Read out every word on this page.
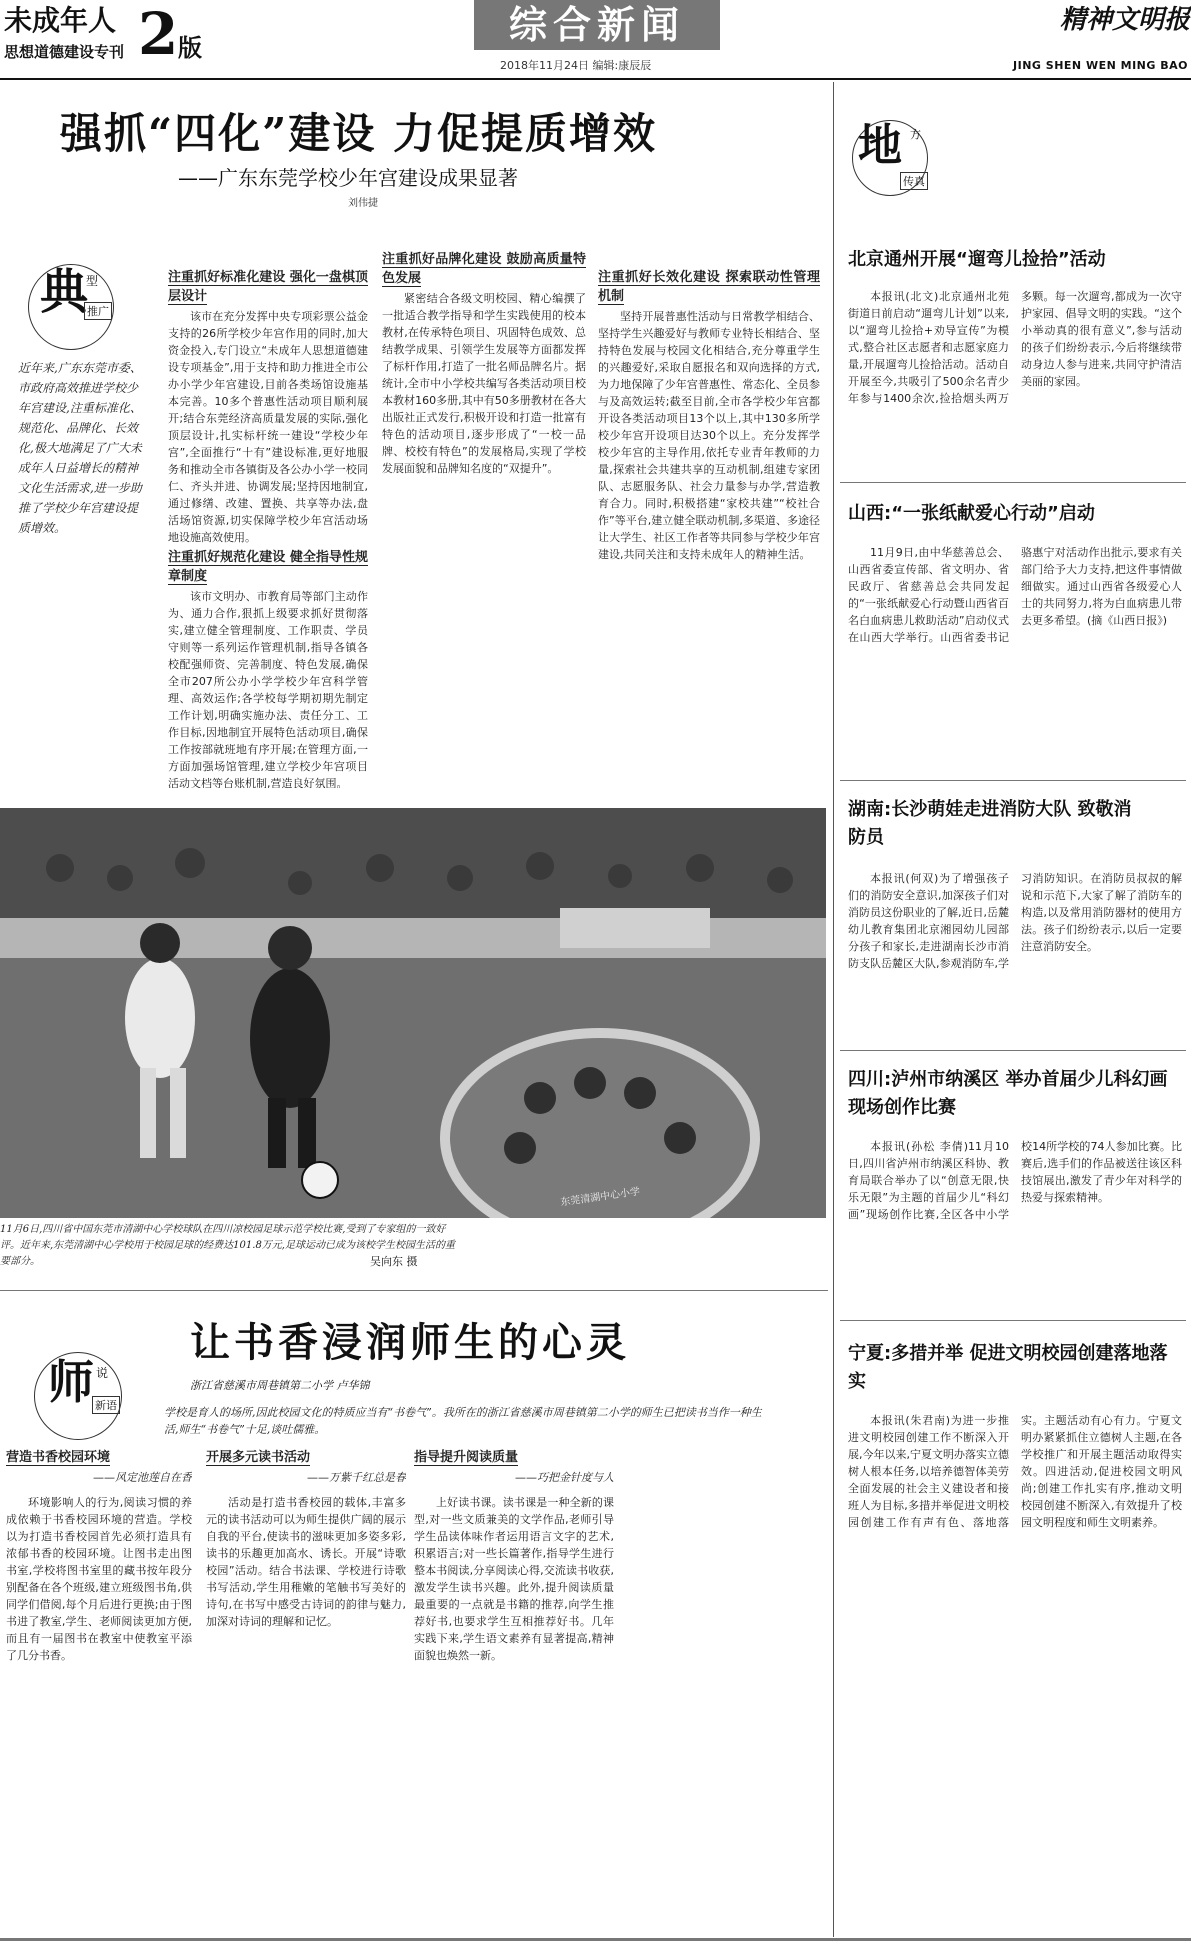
未成年人
思想道德建设专刊 2 版
综合新闻
2018年11月24日 编辑:康辰辰
精神文明报
JING SHEN WEN MING BAO
强抓“四化”建设 力促提质增效
——广东东莞学校少年宫建设成果显著
刘伟捷
典
型
推广
近年来,广东东莞市委、市政府高效推进学校少年宫建设,注重标准化、规范化、品牌化、长效化,极大地满足了广大未成年人日益增长的精神文化生活需求,进一步助推了学校少年宫建设提质增效。

注重抓好标准化建设 强化一盘棋顶层设计

该市在充分发挥中央专项彩票公益金支持的26所学校少年宫作用的同时,加大资金投入,专门设立“未成年人思想道德建设专项基金”,用于支持和助力推进全市公办小学少年宫建设,目前各类场馆设施基本完善。10多个普惠性活动项目顺利展开;结合东莞经济高质量发展的实际,强化顶层设计,扎实标杆统一建设“学校少年宫”,全面推行“十有”建设标准,更好地服务和推动全市各镇街及各公办小学一校同仁、齐头并进、协调发展;坚持因地制宜,通过修缮、改建、置换、共享等办法,盘活场馆资源,切实保障学校少年宫活动场地设施高效使用。

注重抓好规范化建设 健全指导性规章制度

该市文明办、市教育局等部门主动作为、通力合作,狠抓上级要求抓好贯彻落实,建立健全管理制度、工作职责、学员守则等一系列运作管理机制,指导各镇各校配强师资、完善制度、特色发展,确保全市207所公办小学学校少年宫科学管理、高效运作;各学校每学期初期先制定工作计划,明确实施办法、责任分工、工作目标,因地制宜开展特色活动项目,确保工作按部就班地有序开展;在管理方面,一方面加强场馆管理,建立学校少年宫项目活动文档等台账机制,营造良好氛围。

注重抓好品牌化建设 鼓励高质量特色发展

紧密结合各级文明校园、精心编撰了一批适合教学指导和学生实践使用的校本教材,在传承特色项目、巩固特色成效、总结教学成果、引领学生发展等方面都发挥了标杆作用,打造了一批名师品牌名片。据统计,全市中小学校共编写各类活动项目校本教材160多册,其中有50多册教材在各大出版社正式发行,积极开设和打造一批富有特色的活动项目,逐步形成了“一校一品牌、校校有特色”的发展格局,实现了学校发展面貌和品牌知名度的“双提升”。

注重抓好长效化建设 探索联动性管理机制

坚持开展普惠性活动与日常教学相结合、坚持学生兴趣爱好与教师专业特长相结合、坚持特色发展与校园文化相结合,充分尊重学生的兴趣爱好,采取自愿报名和双向选择的方式,为力地保障了少年宫普惠性、常态化、全员参与及高效运转;截至目前,全市各学校少年宫都开设各类活动项目13个以上,其中130多所学校少年宫开设项目达30个以上。充分发挥学校少年宫的主导作用,依托专业青年教师的力量,探索社会共建共享的互动机制,组建专家团队、志愿服务队、社会力量参与办学,营造教育合力。同时,积极搭建“家校共建”“校社合作”等平台,建立健全联动机制,多渠道、多途径让大学生、社区工作者等共同参与学校少年宫建设,共同关注和支持未成年人的精神生活。

东莞清湖中心小学
11月6日,四川省中国东莞市清湖中心学校球队在四川凉校园足球示范学校比赛,受到了专家组的一致好评。近年来,东莞清湖中心学校用于校园足球的经费达101.8万元,足球运动已成为该校学生校园生活的重要部分。	吴向东 摄
让书香浸润师生的心灵
浙江省慈溪市周巷镇第二小学 卢华锦
师 说
新语
学校是育人的场所,因此校园文化的特质应当有“书卷气”。我所在的浙江省慈溪市周巷镇第二小学的师生已把读书当作一种生活,师生“书卷气”十足,谈吐儒雅。

营造书香校园环境

——风定池莲自在香

环境影响人的行为,阅读习惯的养成依赖于书香校园环境的营造。学校以为打造书香校园首先必须打造具有浓郁书香的校园环境。让图书走出图书室,学校将图书室里的藏书按年段分别配备在各个班级,建立班级图书角,供同学们借阅,每个月后进行更换;由于图书进了教室,学生、老师阅读更加方便,而且有一届图书在教室中使教室平添了几分书香。

开展多元读书活动

——万紫千红总是春

活动是打造书香校园的载体,丰富多元的读书活动可以为师生提供广阔的展示自我的平台,使读书的滋味更加多姿多彩,读书的乐趣更加高水、诱长。开展“诗歌校园”活动。结合书法课、学校进行诗歌书写活动,学生用稚嫩的笔触书写美好的诗句,在书写中感受古诗词的韵律与魅力,加深对诗词的理解和记忆。

指导提升阅读质量

——巧把金针度与人

上好读书课。读书课是一种全新的课型,对一些文质兼美的文学作品,老师引导学生品读体味作者运用语言文字的艺术,积累语言;对一些长篇著作,指导学生进行整本书阅读,分享阅读心得,交流读书收获,激发学生读书兴趣。此外,提升阅读质量最重要的一点就是书籍的推荐,向学生推荐好书,也要求学生互相推荐好书。几年实践下来,学生语文素养有显著提高,精神面貌也焕然一新。

地 方
传真
北京通州开展“遛弯儿捡拾”活动

本报讯(北文)北京通州北苑街道日前启动“遛弯儿计划”以来,以“遛弯儿捡拾+劝导宣传”为模式,整合社区志愿者和志愿家庭力量,开展遛弯儿捡拾活动。活动自开展至今,共吸引了500余名青少年参与1400余次,捡拾烟头两万多颗。每一次遛弯,都成为一次守护家园、倡导文明的实践。“这个小举动真的很有意义”,参与活动的孩子们纷纷表示,今后将继续带动身边人参与进来,共同守护清洁美丽的家园。

山西:“一张纸献爱心行动”启动

11月9日,由中华慈善总会、山西省委宣传部、省文明办、省民政厅、省慈善总会共同发起的“一张纸献爱心行动暨山西省百名白血病患儿救助活动”启动仪式在山西大学举行。山西省委书记骆惠宁对活动作出批示,要求有关部门给予大力支持,把这件事情做细做实。通过山西省各级爱心人士的共同努力,将为白血病患儿带去更多希望。(摘《山西日报》)

湖南:长沙萌娃走进消防大队 致敬消防员

本报讯(何双)为了增强孩子们的消防安全意识,加深孩子们对消防员这份职业的了解,近日,岳麓幼儿教育集团北京湘园幼儿园部分孩子和家长,走进湖南长沙市消防支队岳麓区大队,参观消防车,学习消防知识。在消防员叔叔的解说和示范下,大家了解了消防车的构造,以及常用消防器材的使用方法。孩子们纷纷表示,以后一定要注意消防安全。

四川:泸州市纳溪区 举办首届少儿科幻画现场创作比赛

本报讯(孙松 李倩)11月10日,四川省泸州市纳溪区科协、教育局联合举办了以“创意无限,快乐无限”为主题的首届少儿“科幻画”现场创作比赛,全区各中小学校14所学校的74人参加比赛。比赛后,选手们的作品被送往该区科技馆展出,激发了青少年对科学的热爱与探索精神。

宁夏:多措并举 促进文明校园创建落地落实

本报讯(朱君南)为进一步推进文明校园创建工作不断深入开展,今年以来,宁夏文明办落实立德树人根本任务,以培养德智体美劳全面发展的社会主义建设者和接班人为目标,多措并举促进文明校园创建工作有声有色、落地落实。主题活动有心有力。宁夏文明办紧紧抓住立德树人主题,在各学校推广和开展主题活动取得实效。四进活动,促进校园文明风尚;创建工作扎实有序,推动文明校园创建不断深入,有效提升了校园文明程度和师生文明素养。
